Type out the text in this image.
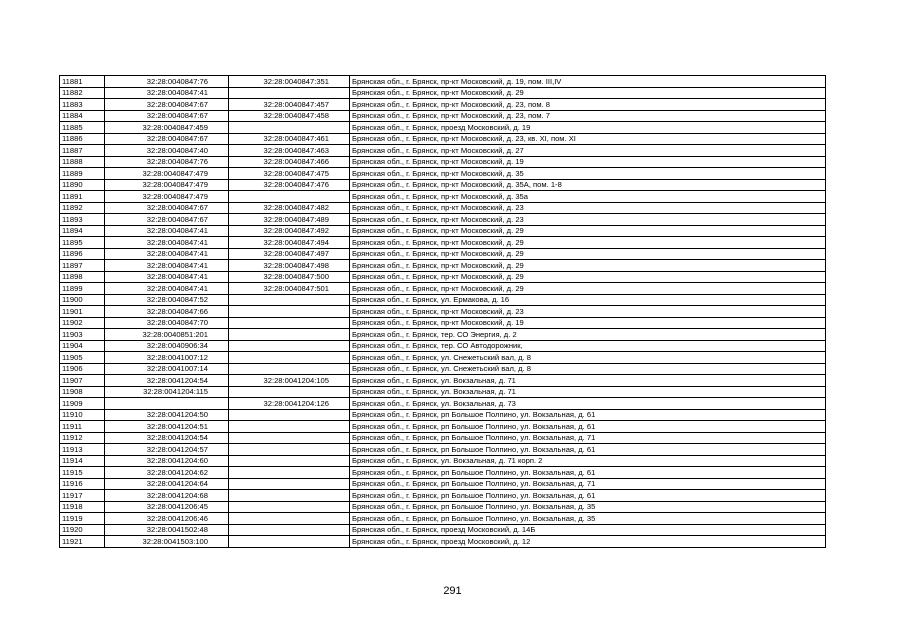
11881	32:28:0040847:76	32:28:0040847:351	Брянская обл., г. Брянск, пр-кт Московский, д. 19, пом. III,IV
11882	32:28:0040847:41		Брянская обл., г. Брянск, пр-кт Московский, д. 29
11883	32:28:0040847:67	32:28:0040847:457	Брянская обл., г. Брянск, пр-кт Московский, д. 23, пом. 8
11884	32:28:0040847:67	32:28:0040847:458	Брянская обл., г. Брянск, пр-кт Московский, д. 23, пом. 7
11885	32:28:0040847:459		Брянская обл., г. Брянск, проезд Московский, д. 19
11886	32:28:0040847:67	32:28:0040847:461	Брянская обл., г. Брянск, пр-кт Московский, д. 23, кв. XI, пом. XI
11887	32:28:0040847:40	32:28:0040847:463	Брянская обл., г. Брянск, пр-кт Московский, д. 27
11888	32:28:0040847:76	32:28:0040847:466	Брянская обл., г. Брянск, пр-кт Московский, д. 19
11889	32:28:0040847:479	32:28:0040847:475	Брянская обл., г. Брянск, пр-кт Московский, д. 35
11890	32:28:0040847:479	32:28:0040847:476	Брянская обл., г. Брянск, пр-кт Московский, д. 35А, пом. 1-8
11891	32:28:0040847:479		Брянская обл., г. Брянск, пр-кт Московский, д. 35а
11892	32:28:0040847:67	32:28:0040847:482	Брянская обл., г. Брянск, пр-кт Московский, д. 23
11893	32:28:0040847:67	32:28:0040847:489	Брянская обл., г. Брянск, пр-кт Московский, д. 23
11894	32:28:0040847:41	32:28:0040847:492	Брянская обл., г. Брянск, пр-кт Московский, д. 29
11895	32:28:0040847:41	32:28:0040847:494	Брянская обл., г. Брянск, пр-кт Московский, д. 29
11896	32:28:0040847:41	32:28:0040847:497	Брянская обл., г. Брянск, пр-кт Московский, д. 29
11897	32:28:0040847:41	32:28:0040847:498	Брянская обл., г. Брянск, пр-кт Московский, д. 29
11898	32:28:0040847:41	32:28:0040847:500	Брянская обл., г. Брянск, пр-кт Московский, д. 29
11899	32:28:0040847:41	32:28:0040847:501	Брянская обл., г. Брянск, пр-кт Московский, д. 29
11900	32:28:0040847:52		Брянская обл., г. Брянск, ул. Ермакова, д. 16
11901	32:28:0040847:66		Брянская обл., г. Брянск, пр-кт Московский, д. 23
11902	32:28:0040847:70		Брянская обл., г. Брянск, пр-кт Московский, д. 19
11903	32:28:0040851:201		Брянская обл., г. Брянск, тер. СО Энергия, д. 2
11904	32:28:0040906:34		Брянская обл., г. Брянск, тер. СО Автодорожник,
11905	32:28:0041007:12		Брянская обл., г. Брянск, ул. Снежетьский вал, д. 8
11906	32:28:0041007:14		Брянская обл., г. Брянск, ул. Снежетьский вал, д. 8
11907	32:28:0041204:54	32:28:0041204:105	Брянская обл., г. Брянск, ул. Вокзальная, д. 71
11908	32:28:0041204:115		Брянская обл., г. Брянск, ул. Вокзальная, д. 71
11909		32:28:0041204:126	Брянская обл., г. Брянск, ул. Вокзальная, д. 73
11910	32:28:0041204:50		Брянская обл., г. Брянск, рп Большое Полпино, ул. Вокзальная, д. 61
11911	32:28:0041204:51		Брянская обл., г. Брянск, рп Большое Полпино, ул. Вокзальная, д. 61
11912	32:28:0041204:54		Брянская обл., г. Брянск, рп Большое Полпино, ул. Вокзальная, д. 71
11913	32:28:0041204:57		Брянская обл., г. Брянск, рп Большое Полпино, ул. Вокзальная, д. 61
11914	32:28:0041204:60		Брянская обл., г. Брянск, ул. Вокзальная, д. 71 корп. 2
11915	32:28:0041204:62		Брянская обл., г. Брянск, рп Большое Полпино, ул. Вокзальная, д. 61
11916	32:28:0041204:64		Брянская обл., г. Брянск, рп Большое Полпино, ул. Вокзальная, д. 71
11917	32:28:0041204:68		Брянская обл., г. Брянск, рп Большое Полпино, ул. Вокзальная, д. 61
11918	32:28:0041206:45		Брянская обл., г. Брянск, рп Большое Полпино, ул. Вокзальная, д. 35
11919	32:28:0041206:46		Брянская обл., г. Брянск, рп Большое Полпино, ул. Вокзальная, д. 35
11920	32:28:0041502:48		Брянская обл., г. Брянск, проезд Московский, д. 14Б
11921	32:28:0041503:100		Брянская обл., г. Брянск, проезд Московский, д. 12
291
